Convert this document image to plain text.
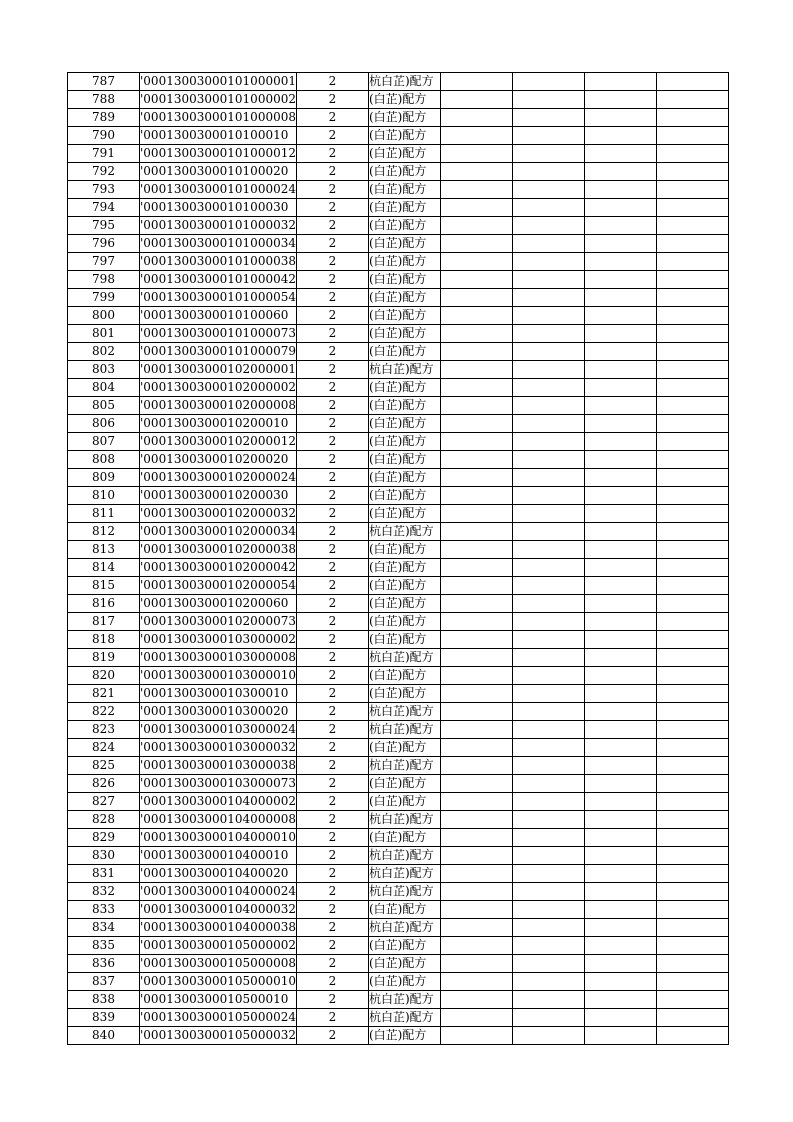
787	'00013003000101000001	2	杭白芷)配方				
788	'00013003000101000002	2	(白芷)配方				
789	'00013003000101000008	2	(白芷)配方				
790	'0001300300010100010	2	(白芷)配方				
791	'00013003000101000012	2	(白芷)配方				
792	'0001300300010100020	2	(白芷)配方				
793	'00013003000101000024	2	(白芷)配方				
794	'0001300300010100030	2	(白芷)配方				
795	'00013003000101000032	2	(白芷)配方				
796	'00013003000101000034	2	(白芷)配方				
797	'00013003000101000038	2	(白芷)配方				
798	'00013003000101000042	2	(白芷)配方				
799	'00013003000101000054	2	(白芷)配方				
800	'0001300300010100060	2	(白芷)配方				
801	'00013003000101000073	2	(白芷)配方				
802	'00013003000101000079	2	(白芷)配方				
803	'00013003000102000001	2	杭白芷)配方				
804	'00013003000102000002	2	(白芷)配方				
805	'00013003000102000008	2	(白芷)配方				
806	'0001300300010200010	2	(白芷)配方				
807	'00013003000102000012	2	(白芷)配方				
808	'0001300300010200020	2	(白芷)配方				
809	'00013003000102000024	2	(白芷)配方				
810	'0001300300010200030	2	(白芷)配方				
811	'00013003000102000032	2	(白芷)配方				
812	'00013003000102000034	2	杭白芷)配方				
813	'00013003000102000038	2	(白芷)配方				
814	'00013003000102000042	2	(白芷)配方				
815	'00013003000102000054	2	(白芷)配方				
816	'0001300300010200060	2	(白芷)配方				
817	'00013003000102000073	2	(白芷)配方				
818	'00013003000103000002	2	(白芷)配方				
819	'00013003000103000008	2	杭白芷)配方				
820	'00013003000103000010	2	(白芷)配方				
821	'0001300300010300010	2	(白芷)配方				
822	'0001300300010300020	2	杭白芷)配方				
823	'00013003000103000024	2	杭白芷)配方				
824	'00013003000103000032	2	(白芷)配方				
825	'00013003000103000038	2	杭白芷)配方				
826	'00013003000103000073	2	(白芷)配方				
827	'00013003000104000002	2	(白芷)配方				
828	'00013003000104000008	2	杭白芷)配方				
829	'00013003000104000010	2	(白芷)配方				
830	'0001300300010400010	2	杭白芷)配方				
831	'0001300300010400020	2	杭白芷)配方				
832	'00013003000104000024	2	杭白芷)配方				
833	'00013003000104000032	2	(白芷)配方				
834	'00013003000104000038	2	杭白芷)配方				
835	'00013003000105000002	2	(白芷)配方				
836	'00013003000105000008	2	(白芷)配方				
837	'00013003000105000010	2	(白芷)配方				
838	'0001300300010500010	2	杭白芷)配方				
839	'00013003000105000024	2	杭白芷)配方				
840	'00013003000105000032	2	(白芷)配方				
